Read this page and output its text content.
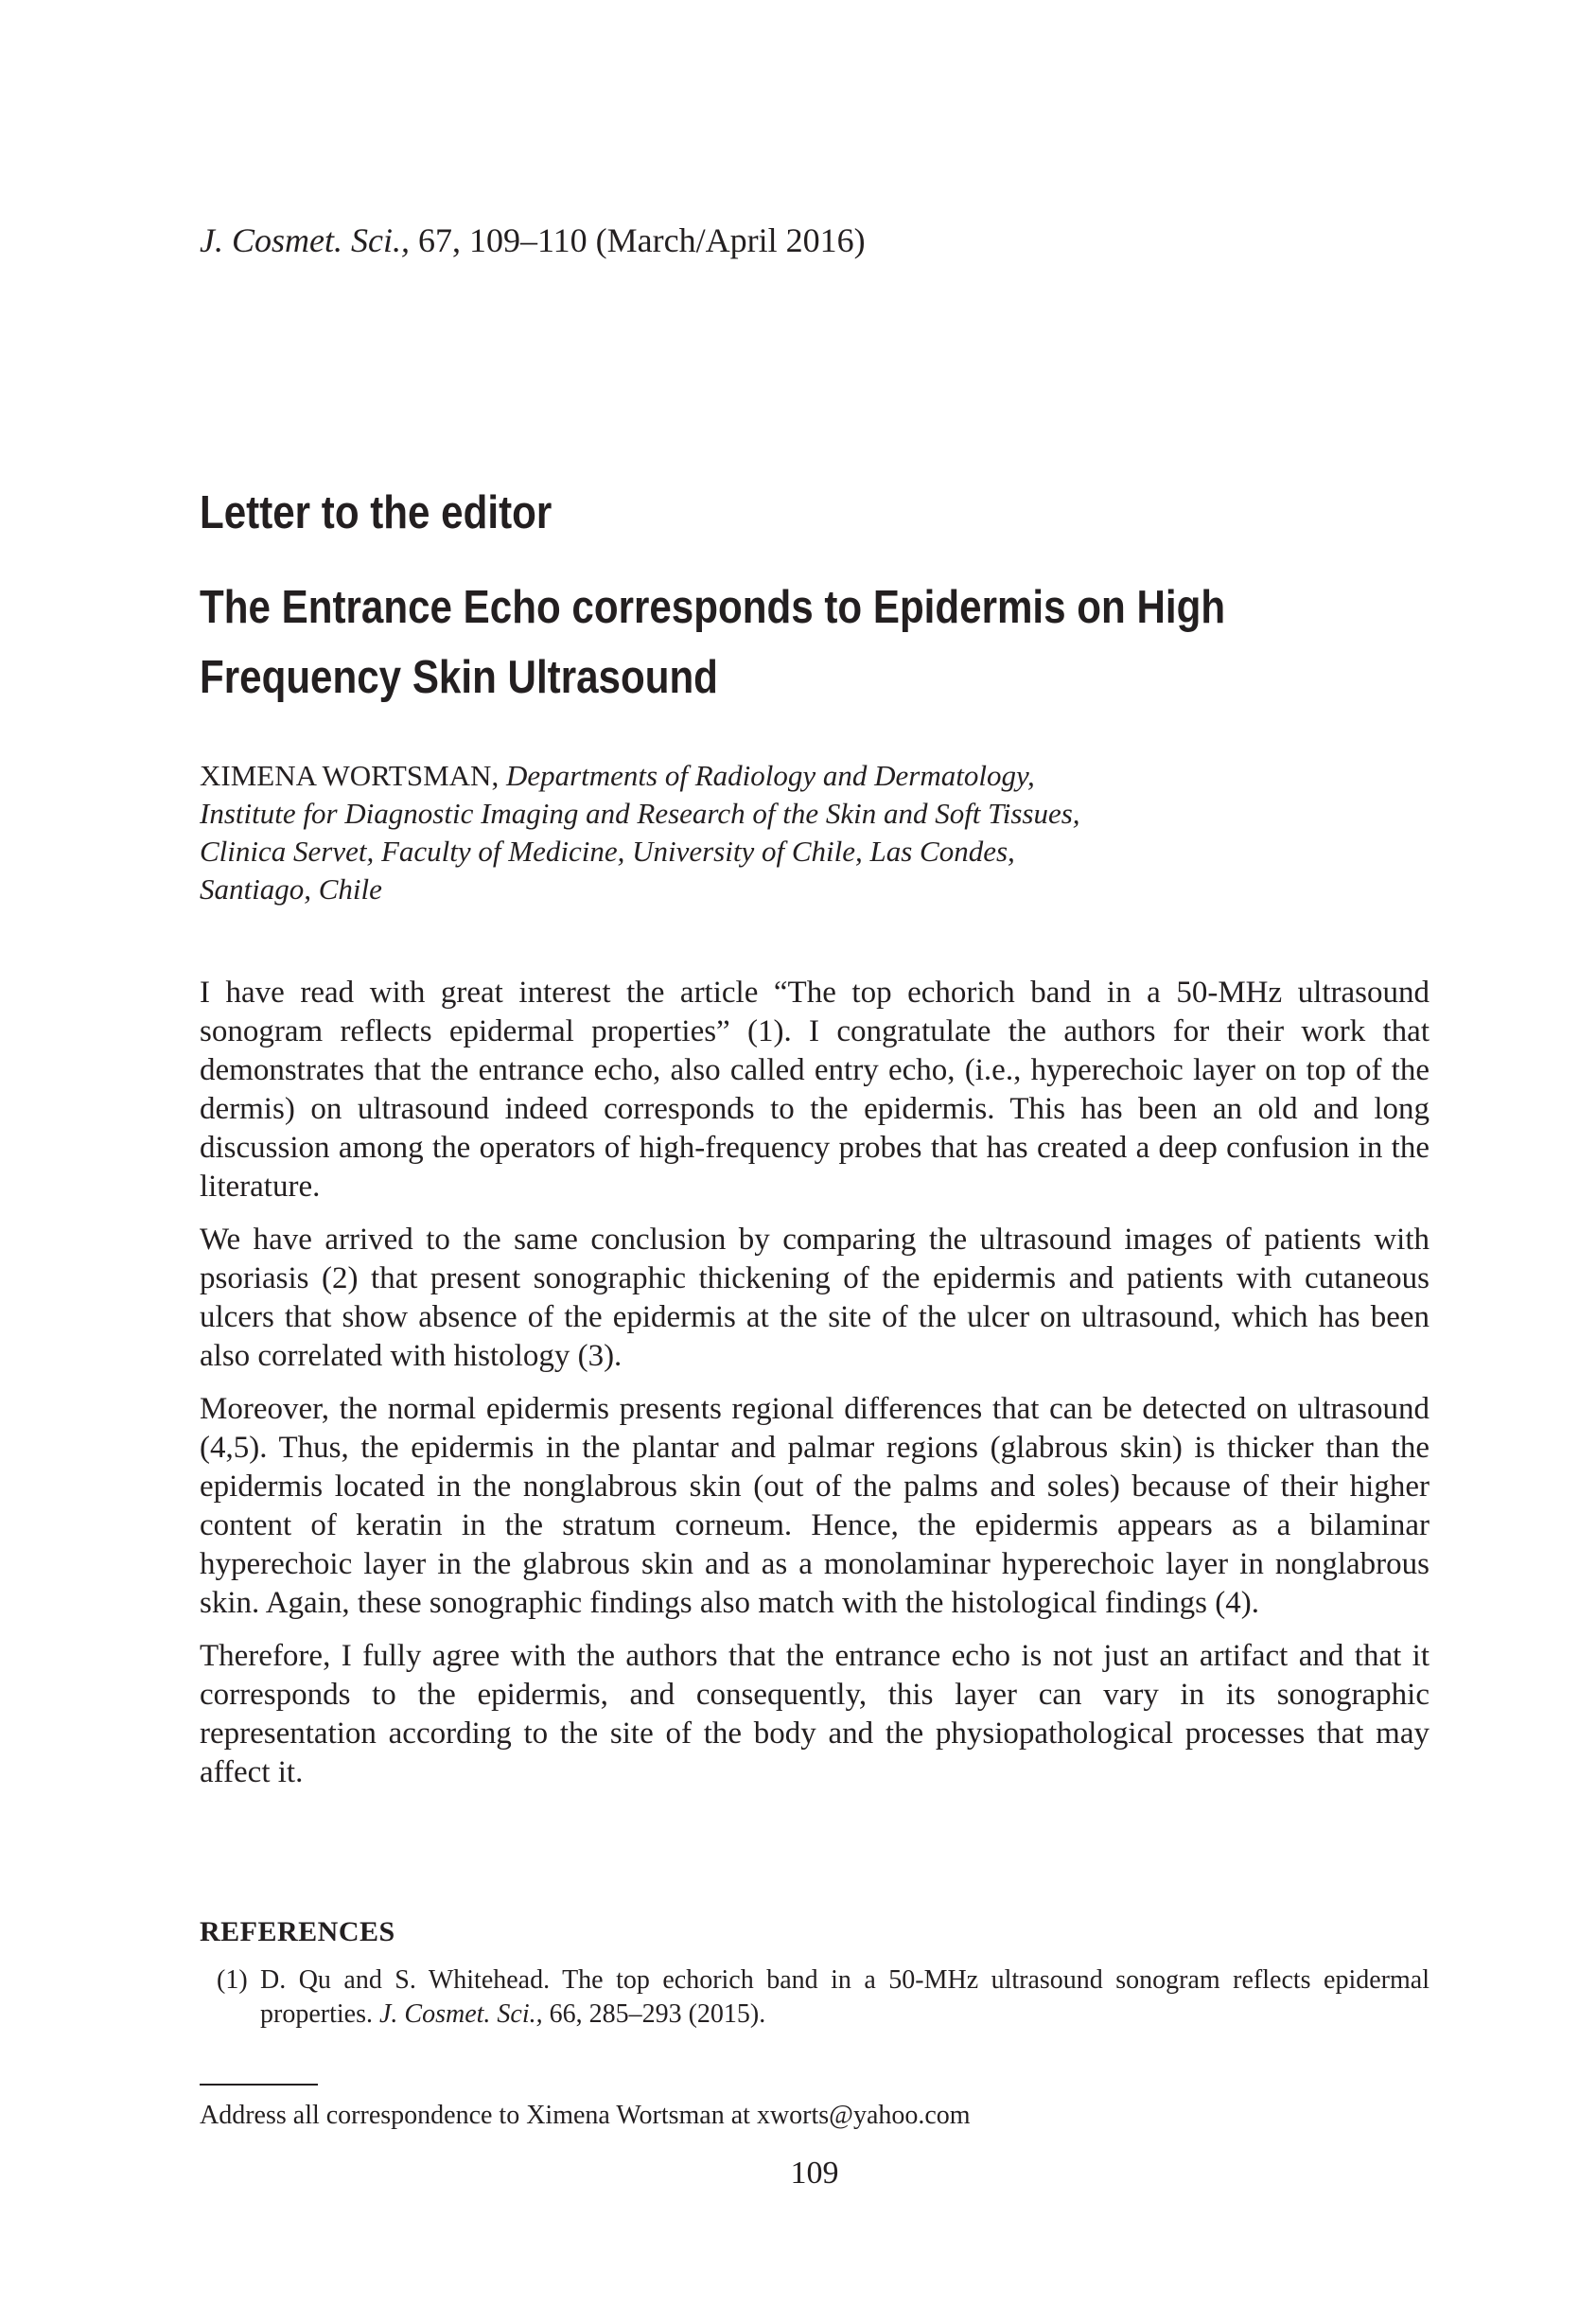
J. Cosmet. Sci., 67, 109–110 (March/April 2016)
Letter to the editor
The Entrance Echo corresponds to Epidermis on High
Frequency Skin Ultrasound
XIMENA WORTSMAN, Departments of Radiology and Dermatology,
Institute for Diagnostic Imaging and Research of the Skin and Soft Tissues,
Clinica Servet, Faculty of Medicine, University of Chile, Las Condes,
Santiago, Chile

I have read with great interest the article “The top echorich band in a 50-MHz ultrasound sonogram reflects epidermal properties” (1). I congratulate the authors for their work that demonstrates that the entrance echo, also called entry echo, (i.e., hyperechoic layer on top of the dermis) on ultrasound indeed corresponds to the epidermis. This has been an old and long discussion among the operators of high-frequency probes that has created a deep confusion in the literature.

We have arrived to the same conclusion by comparing the ultrasound images of patients with psoriasis (2) that present sonographic thickening of the epidermis and patients with cutaneous ulcers that show absence of the epidermis at the site of the ulcer on ultrasound, which has been also correlated with histology (3).

Moreover, the normal epidermis presents regional differences that can be detected on ultrasound (4,5). Thus, the epidermis in the plantar and palmar regions (glabrous skin) is thicker than the epidermis located in the nonglabrous skin (out of the palms and soles) because of their higher content of keratin in the stratum corneum. Hence, the epidermis appears as a bilaminar hyperechoic layer in the glabrous skin and as a monolaminar hyperechoic layer in nonglabrous skin. Again, these sonographic findings also match with the histological findings (4).

Therefore, I fully agree with the authors that the entrance echo is not just an artifact and that it corresponds to the epidermis, and consequently, this layer can vary in its sonographic representation according to the site of the body and the physiopathological processes that may affect it.

REFERENCES
(1) D. Qu and S. Whitehead. The top echorich band in a 50-MHz ultrasound sonogram reflects epidermal properties. J. Cosmet. Sci., 66, 285–293 (2015).
Address all correspondence to Ximena Wortsman at xworts@yahoo.com
109
